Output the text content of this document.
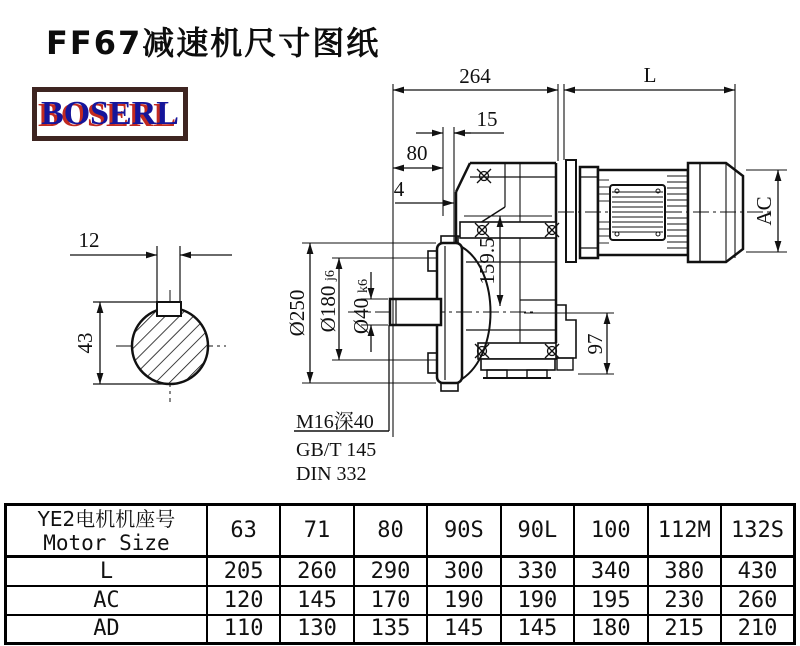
FF67减速机尺寸图纸
BOSERL
12
43
264	L
15
80
4
Ø250 Ø180
j6
Ø40
k6
159.5
97
AC
M16深40
GB/T 145
DIN 332
YE2电机机座号
Motor Size	63	71	80	90S	90L	100	112M	132S
L	205	260	290	300	330	340	380	430
AC	120	145	170	190	190	195	230	260
AD	110	130	135	145	145	180	215	210
